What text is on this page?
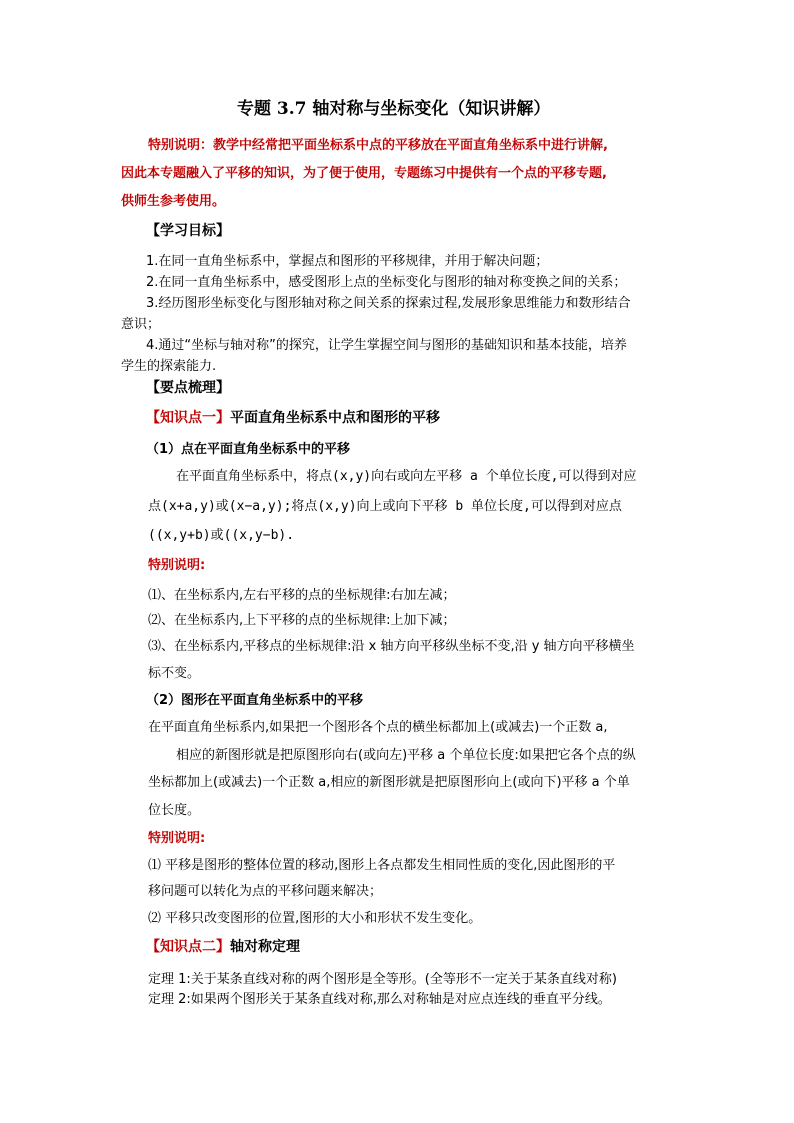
专题 3.7 轴对称与坐标变化（知识讲解）
特别说明：教学中经常把平面坐标系中点的平移放在平面直角坐标系中进行讲解,
因此本专题融入了平移的知识，为了便于使用，专题练习中提供有一个点的平移专题,
供师生参考使用。
【学习目标】
1.在同一直角坐标系中，掌握点和图形的平移规律，并用于解决问题；
2.在同一直角坐标系中，感受图形上点的坐标变化与图形的轴对称变换之间的关系；
3.经历图形坐标变化与图形轴对称之间关系的探索过程,发展形象思维能力和数形结合
意识；
4.通过“坐标与轴对称”的探究，让学生掌握空间与图形的基础知识和基本技能，培养
学生的探索能力.
【要点梳理】
【知识点一】平面直角坐标系中点和图形的平移
（1）点在平面直角坐标系中的平移
在平面直角坐标系中，将点(x,y)向右或向左平移 a 个单位长度,可以得到对应
点(x+a,y)或(x−a,y);将点(x,y)向上或向下平移 b 单位长度,可以得到对应点
((x,y+b)或((x,y−b).
特别说明:
⑴、在坐标系内,左右平移的点的坐标规律:右加左减；
⑵、在坐标系内,上下平移的点的坐标规律:上加下减；
⑶、在坐标系内,平移点的坐标规律:沿 x 轴方向平移纵坐标不变,沿 y 轴方向平移横坐
标不变。
（2）图形在平面直角坐标系中的平移
在平面直角坐标系内,如果把一个图形各个点的横坐标都加上(或减去)一个正数 a,
相应的新图形就是把原图形向右(或向左)平移 a 个单位长度:如果把它各个点的纵
坐标都加上(或减去)一个正数 a,相应的新图形就是把原图形向上(或向下)平移 a 个单
位长度。
特别说明:
⑴ 平移是图形的整体位置的移动,图形上各点都发生相同性质的变化,因此图形的平
移问题可以转化为点的平移问题来解决；
⑵ 平移只改变图形的位置,图形的大小和形状不发生变化。
【知识点二】轴对称定理
定理 1:关于某条直线对称的两个图形是全等形。(全等形不一定关于某条直线对称)
定理 2:如果两个图形关于某条直线对称,那么对称轴是对应点连线的垂直平分线。
